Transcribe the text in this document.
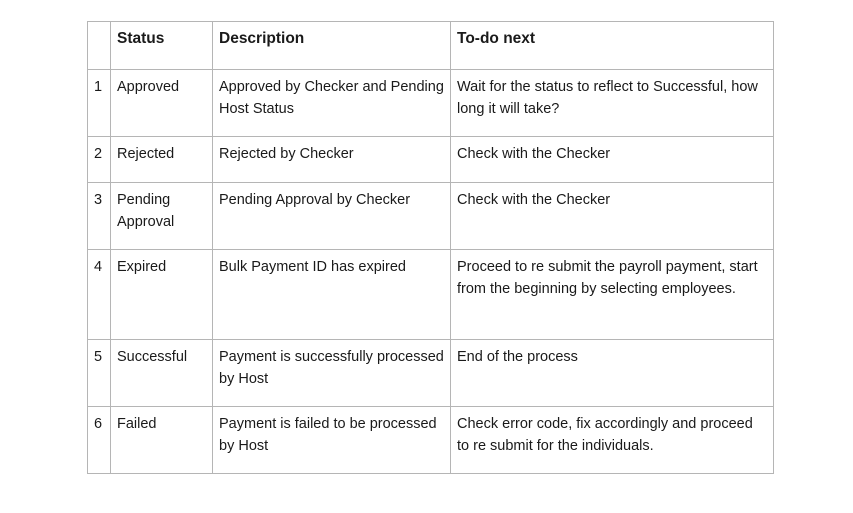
	Status	Description	To-do next
1	Approved	Approved by Checker and Pending Host Status	Wait for the status to reflect to Successful, how long it will take?
2	Rejected	Rejected by Checker	Check with the Checker
3	Pending Approval	Pending Approval by Checker	Check with the Checker
4	Expired	Bulk Payment ID has expired	Proceed to re submit the payroll payment, start from the beginning by selecting employees.
5	Successful	Payment is successfully processed by Host	End of the process
6	Failed	Payment is failed to be processed by Host	Check error code, fix accordingly and proceed to re submit for the individuals.
